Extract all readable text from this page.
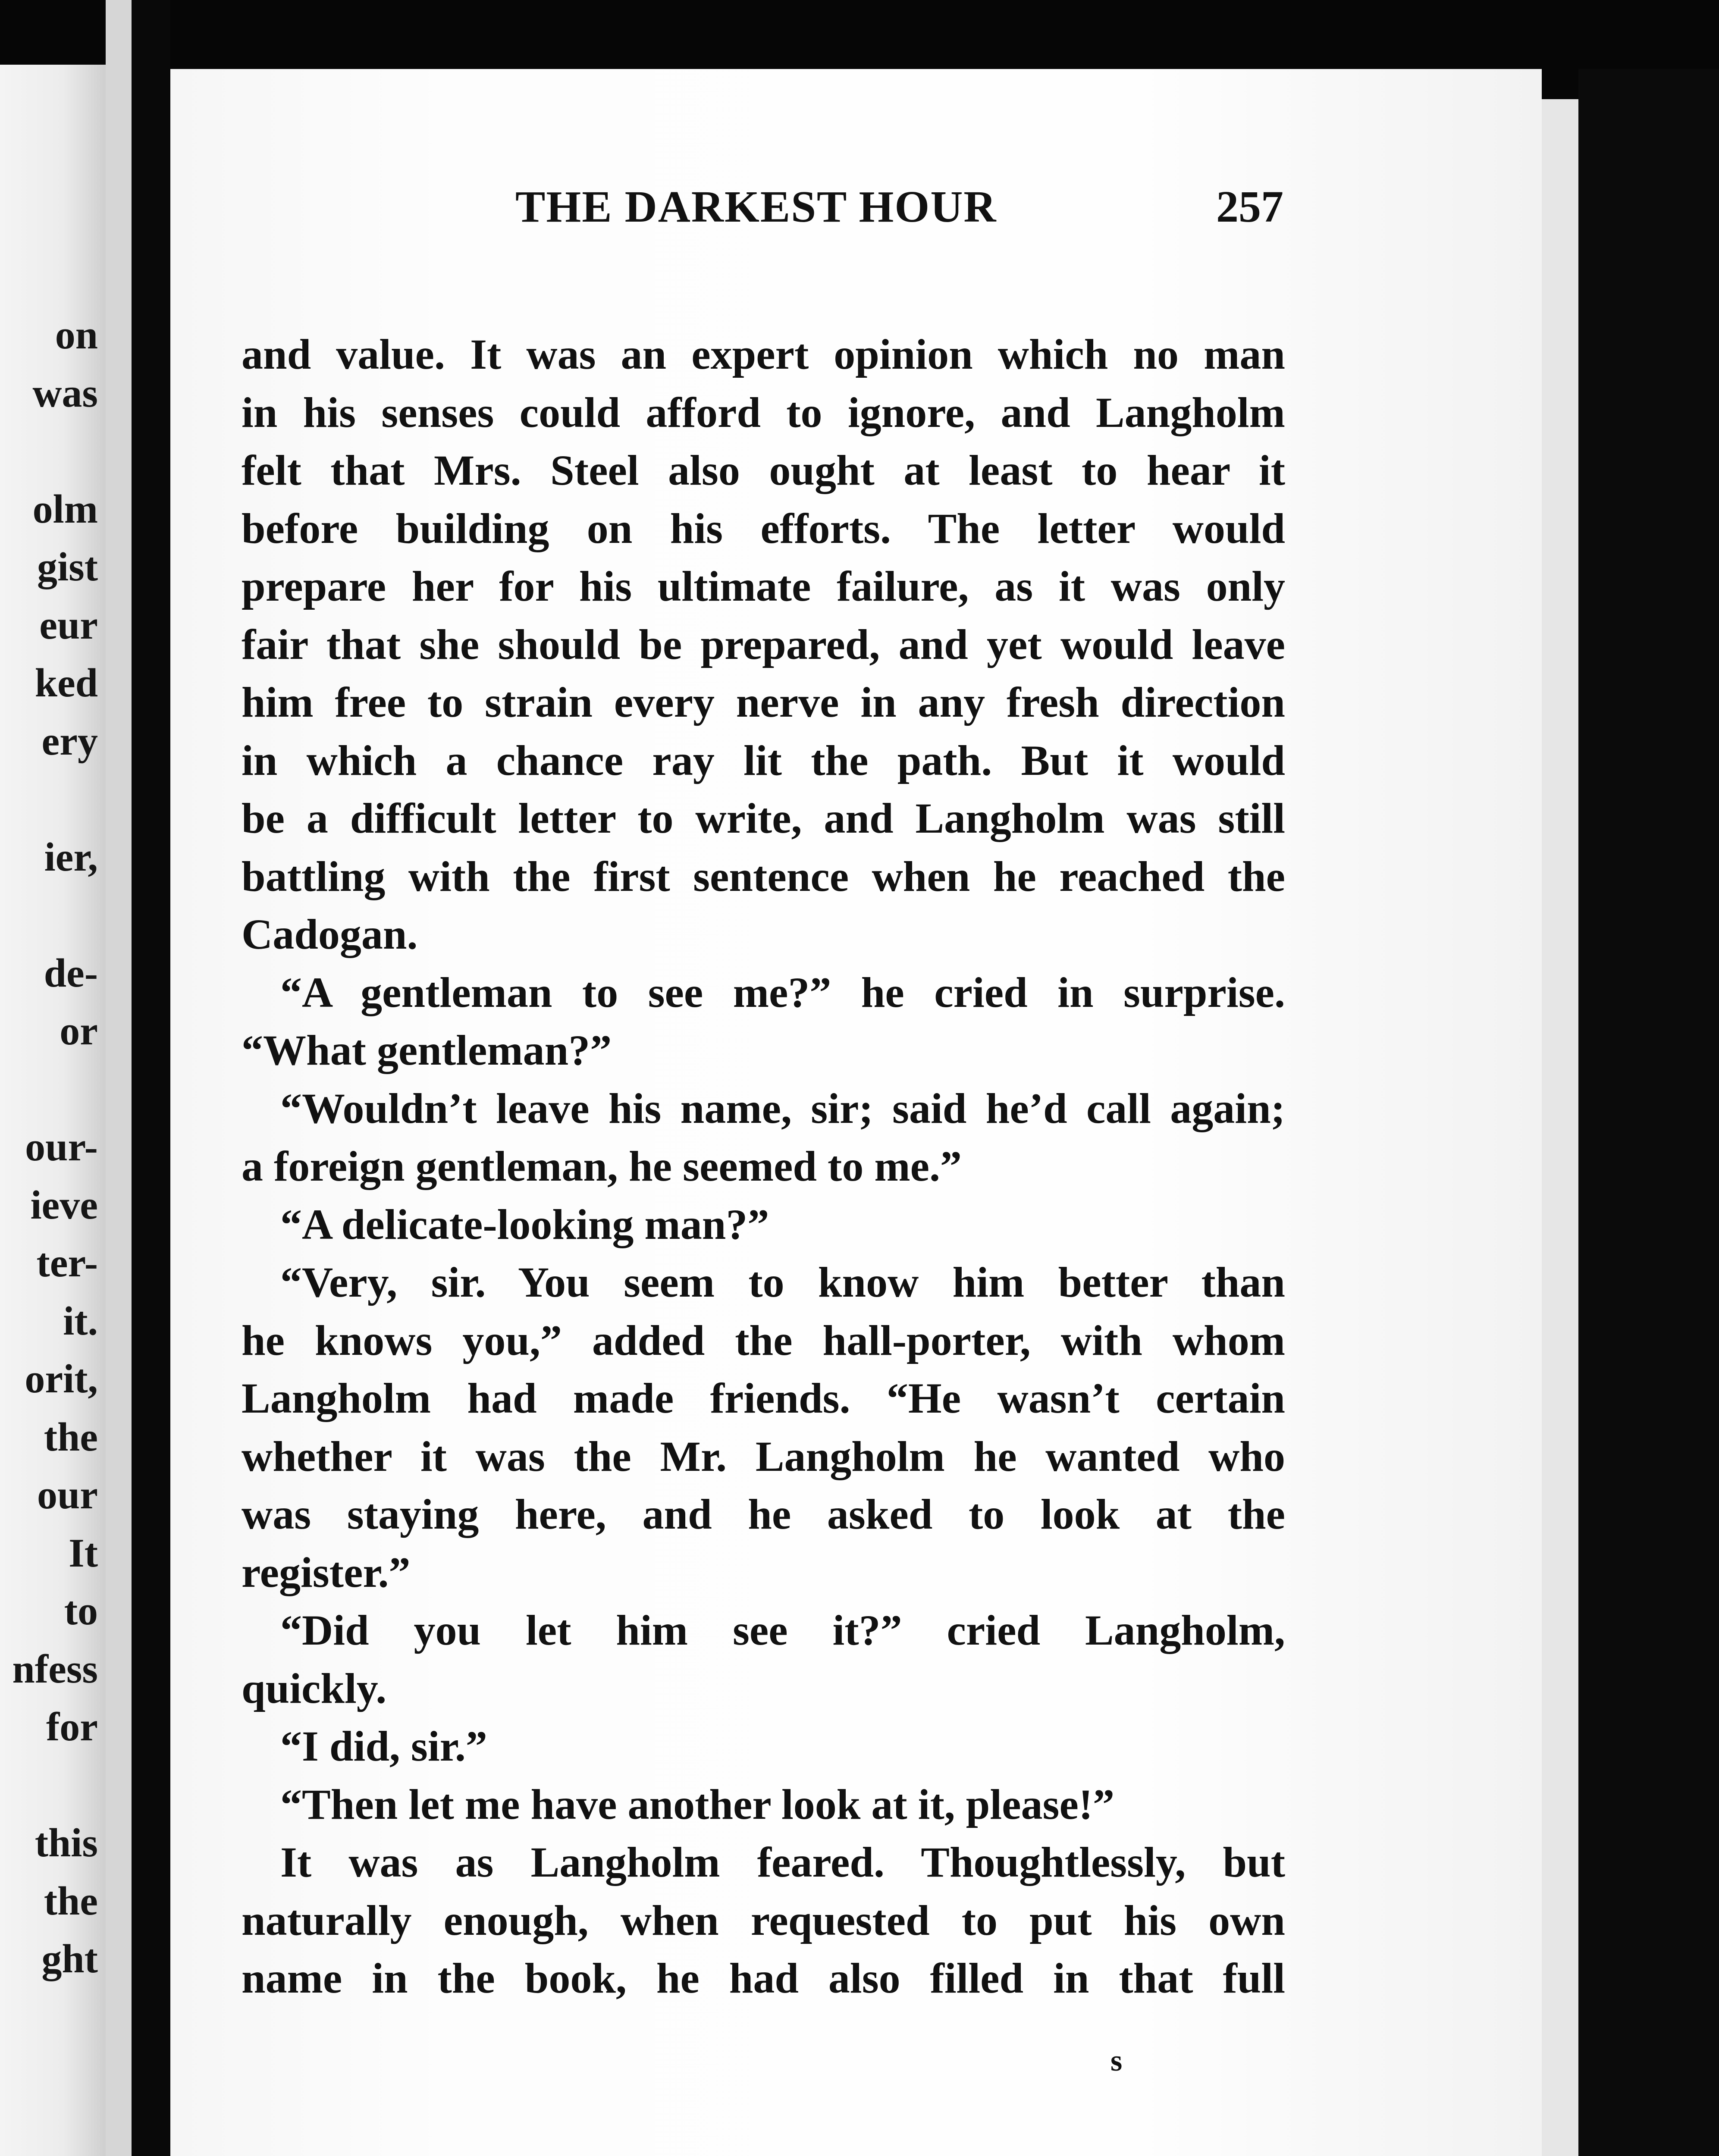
on
was
olm
gist
eur
ked
ery
ier,
de-
or
our-
ieve
ter-
it.
orit,
the
our
It
to
nfess
for
this
the
ght
THE DARKEST HOUR	257
and value. It was an expert opinion which no man
in his senses could afford to ignore, and Langholm
felt that Mrs. Steel also ought at least to hear it
before building on his efforts. The letter would
prepare her for his ultimate failure, as it was only
fair that she should be prepared, and yet would leave
him free to strain every nerve in any fresh direction
in which a chance ray lit the path. But it would
be a difficult letter to write, and Langholm was still
battling with the first sentence when he reached the
Cadogan.
“A gentleman to see me?” he cried in surprise.
“What gentleman?”
“Wouldn’t leave his name, sir; said he’d call again;
a foreign gentleman, he seemed to me.”
“A delicate-looking man?”
“Very, sir. You seem to know him better than
he knows you,” added the hall-porter, with whom
Langholm had made friends. “He wasn’t certain
whether it was the Mr. Langholm he wanted who
was staying here, and he asked to look at the
register.”
“Did you let him see it?” cried Langholm,
quickly.
“I did, sir.”
“Then let me have another look at it, please!”
It was as Langholm feared. Thoughtlessly, but
naturally enough, when requested to put his own
name in the book, he had also filled in that full
s
